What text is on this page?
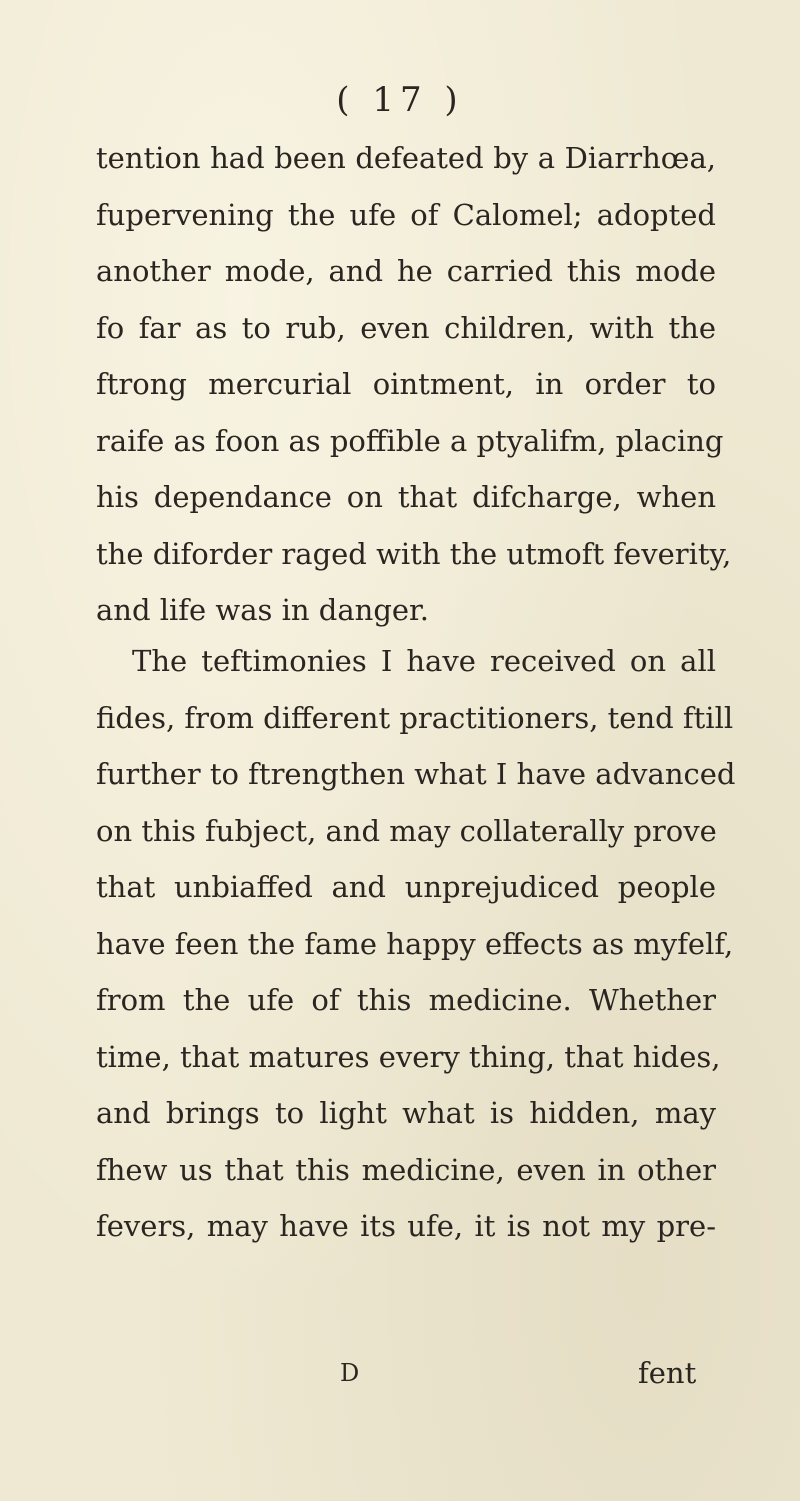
( 17 )
tention had been defeated by a Diarrhœa,
fupervening the ufe of Calomel; adopted
another mode, and he carried this mode
fo far as to rub, even children, with the
ftrong mercurial ointment, in order to
raife as foon as poffible a ptyalifm, placing
his dependance on that difcharge, when
the diforder raged with the utmoft feverity,
and life was in danger.
The teftimonies I have received on all
fides, from different practitioners, tend ftill
further to ftrengthen what I have advanced
on this fubject, and may collaterally prove
that unbiaffed and unprejudiced people
have feen the fame happy effects as myfelf,
from the ufe of this medicine. Whether
time, that matures every thing, that hides,
and brings to light what is hidden, may
fhew us that this medicine, even in other
fevers, may have its ufe, it is not my pre-
D	fent
